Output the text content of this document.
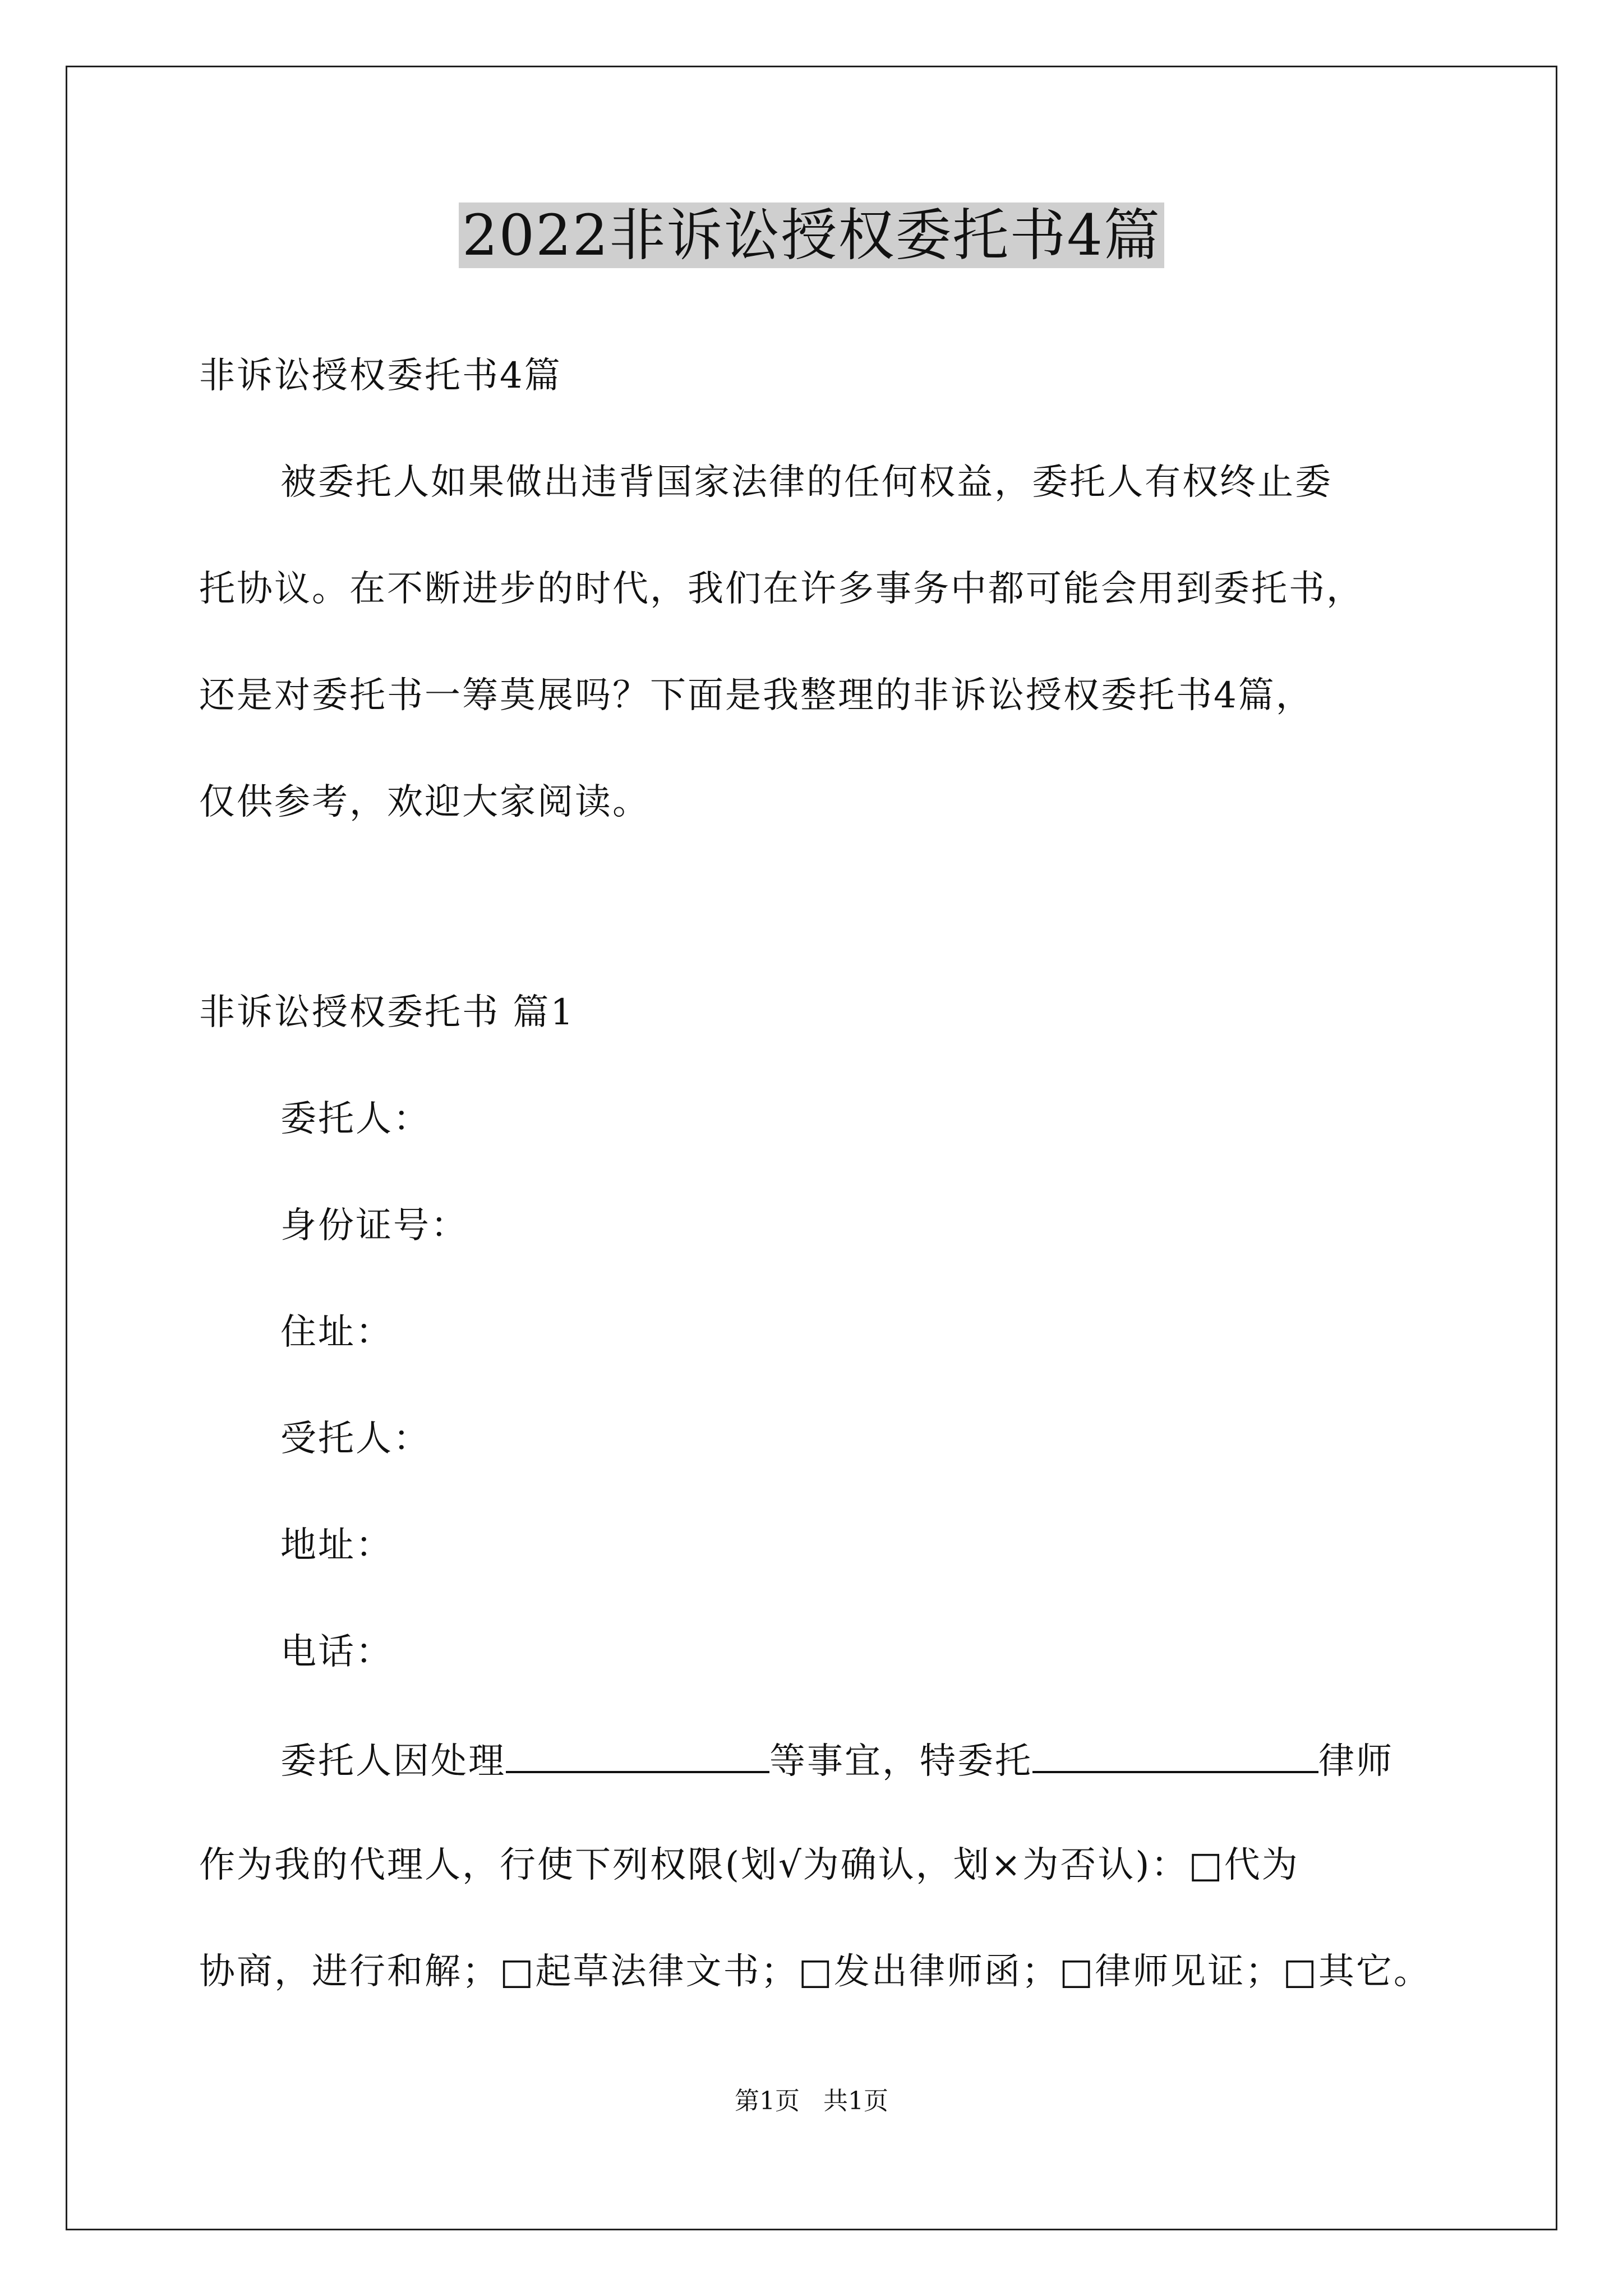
2022非诉讼授权委托书4篇
非诉讼授权委托书4篇
被委托人如果做出违背国家法律的任何权益，委托人有权终止委
托协议。在不断进步的时代，我们在许多事务中都可能会用到委托书，
还是对委托书一筹莫展吗？下面是我整理的非诉讼授权委托书4篇，
仅供参考，欢迎大家阅读。
非诉讼授权委托书 篇1
委托人：
身份证号：
住址：
受托人：
地址：
电话：
委托人因处理	等事宜，特委托	律师
作为我的代理人，行使下列权限(划√为确认，划×为否认)：□代为
协商，进行和解；□起草法律文书；□发出律师函；□律师见证；□其它。
第1页 共1页
